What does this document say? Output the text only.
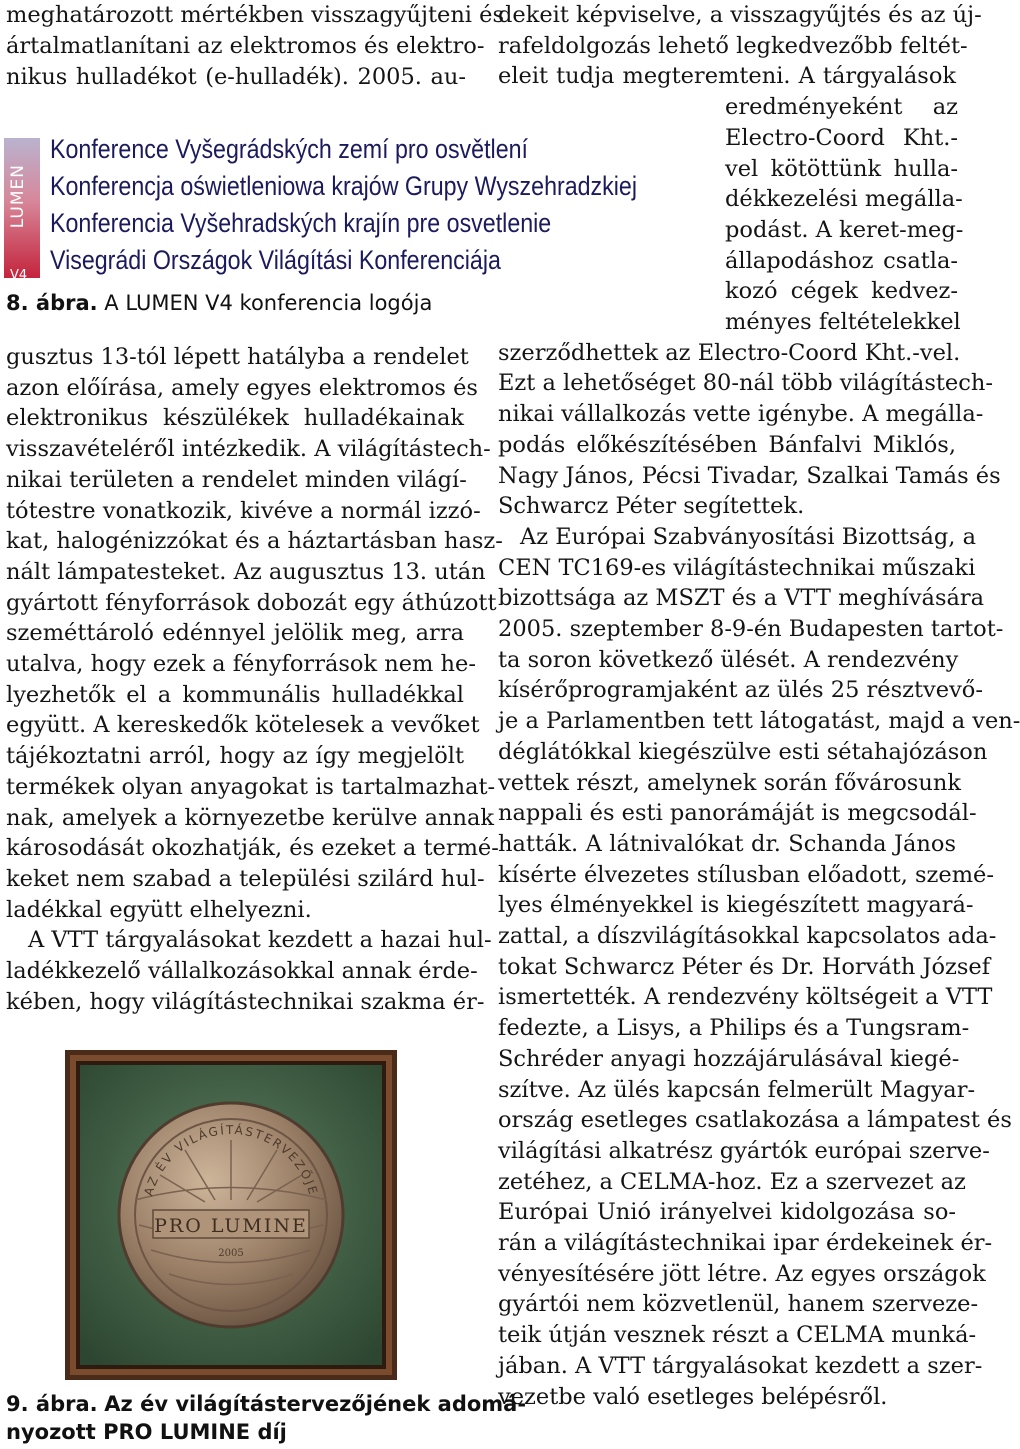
meghatározott mértékben visszagyűjteni és
ártalmatlanítani az elektromos és elektro-
nikus hulladékot (e-hulladék). 2005. au-
LUMEN
V4
Konference Vyšegrádských zemí pro osvětlení
Konferencja oświetleniowa krajów Grupy Wyszehradzkiej
Konferencia Vyšehradských krajín pre osvetlenie
Visegrádi Országok Világítási Konferenciája
8. ábra. A LUMEN V4 konferencia logója
gusztus 13-tól lépett hatályba a rendelet
azon előírása, amely egyes elektromos és
elektronikus készülékek hulladékainak
visszavételéről intézkedik. A világítástech-
nikai területen a rendelet minden világí-
tótestre vonatkozik, kivéve a normál izzó-
kat, halogénizzókat és a háztartásban hasz-
nált lámpatesteket. Az augusztus 13. után
gyártott fényforrások dobozát egy áthúzott
szeméttároló edénnyel jelölik meg, arra
utalva, hogy ezek a fényforrások nem he-
lyezhetők el a kommunális hulladékkal
együtt. A kereskedők kötelesek a vevőket
tájékoztatni arról, hogy az így megjelölt
termékek olyan anyagokat is tartalmazhat-
nak, amelyek a környezetbe kerülve annak
károsodását okozhatják, és ezeket a termé-
keket nem szabad a települési szilárd hul-
ladékkal együtt elhelyezni.
A VTT tárgyalásokat kezdett a hazai hul-
ladékkezelő vállalkozásokkal annak érde-
kében, hogy világítástechnikai szakma ér-
AZ ÉV VILÁGÍTÁSTERVEZŐJE
PRO LUMINE
2005
9. ábra. Az év világítástervezőjének adomá-
nyozott PRO LUMINE díj
dekeit képviselve, a visszagyűjtés és az új-
rafeldolgozás lehető legkedvezőbb feltét-
eleit tudja megteremteni. A tárgyalások
eredményeként az
Electro-Coord Kht.-
vel kötöttünk hulla-
dékkezelési megálla-
podást. A keret-meg-
állapodáshoz csatla-
kozó cégek kedvez-
ményes feltételekkel
szerződhettek az Electro-Coord Kht.-vel.
Ezt a lehetőséget 80-nál több világítástech-
nikai vállalkozás vette igénybe. A megálla-
podás előkészítésében Bánfalvi Miklós,
Nagy János, Pécsi Tivadar, Szalkai Tamás és
Schwarcz Péter segítettek.
Az Európai Szabványosítási Bizottság, a
CEN TC169-es világítástechnikai műszaki
bizottsága az MSZT és a VTT meghívására
2005. szeptember 8-9-én Budapesten tartot-
ta soron következő ülését. A rendezvény
kísérőprogramjaként az ülés 25 résztvevő-
je a Parlamentben tett látogatást, majd a ven-
déglátókkal kiegészülve esti sétahajózáson
vettek részt, amelynek során fővárosunk
nappali és esti panorámáját is megcsodál-
hatták. A látnivalókat dr. Schanda János
kísérte élvezetes stílusban előadott, szemé-
lyes élményekkel is kiegészített magyará-
zattal, a díszvilágításokkal kapcsolatos ada-
tokat Schwarcz Péter és Dr. Horváth József
ismertették. A rendezvény költségeit a VTT
fedezte, a Lisys, a Philips és a Tungsram-
Schréder anyagi hozzájárulásával kiegé-
szítve. Az ülés kapcsán felmerült Magyar-
ország esetleges csatlakozása a lámpatest és
világítási alkatrész gyártók európai szerve-
zetéhez, a CELMA-hoz. Ez a szervezet az
Európai Unió irányelvei kidolgozása so-
rán a világítástechnikai ipar érdekeinek ér-
vényesítésére jött létre. Az egyes országok
gyártói nem közvetlenül, hanem szerveze-
teik útján vesznek részt a CELMA munká-
jában. A VTT tárgyalásokat kezdett a szer-
vezetbe való esetleges belépésről.
